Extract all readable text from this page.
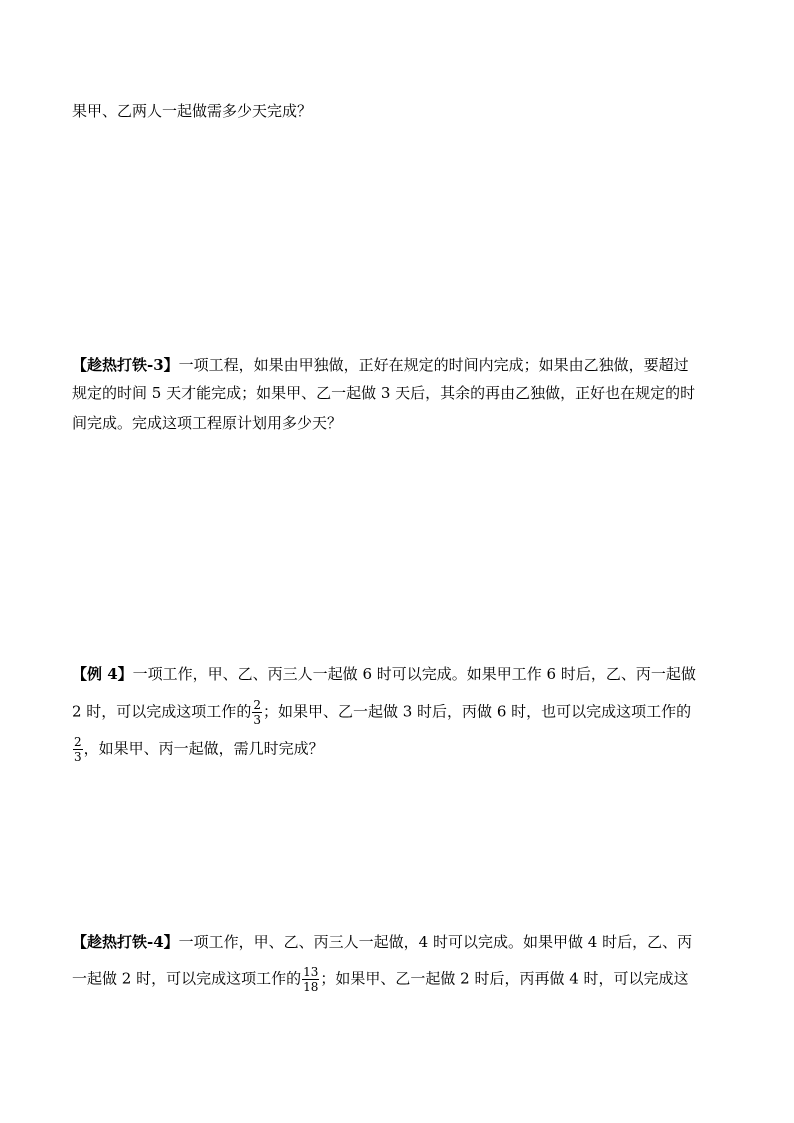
果甲、乙两人一起做需多少天完成？
【趁热打铁-3】一项工程，如果由甲独做，正好在规定的时间内完成；如果由乙独做，要超过
规定的时间 5 天才能完成；如果甲、乙一起做 3 天后，其余的再由乙独做，正好也在规定的时
间完成。完成这项工程原计划用多少天？
【例 4】一项工作，甲、乙、丙三人一起做 6 时可以完成。如果甲工作 6 时后，乙、丙一起做
2 时，可以完成这项工作的 $\frac{2}{3}$ ；如果甲、乙一起做 3 时后，丙做 6 时，也可以完成这项工作的
$\frac{2}{3}$ ，如果甲、丙一起做，需几时完成？
【趁热打铁-4】一项工作，甲、乙、丙三人一起做，4 时可以完成。如果甲做 4 时后，乙、丙
一起做 2 时，可以完成这项工作的 $\frac{13}{18}$ ；如果甲、乙一起做 2 时后，丙再做 4 时，可以完成这
